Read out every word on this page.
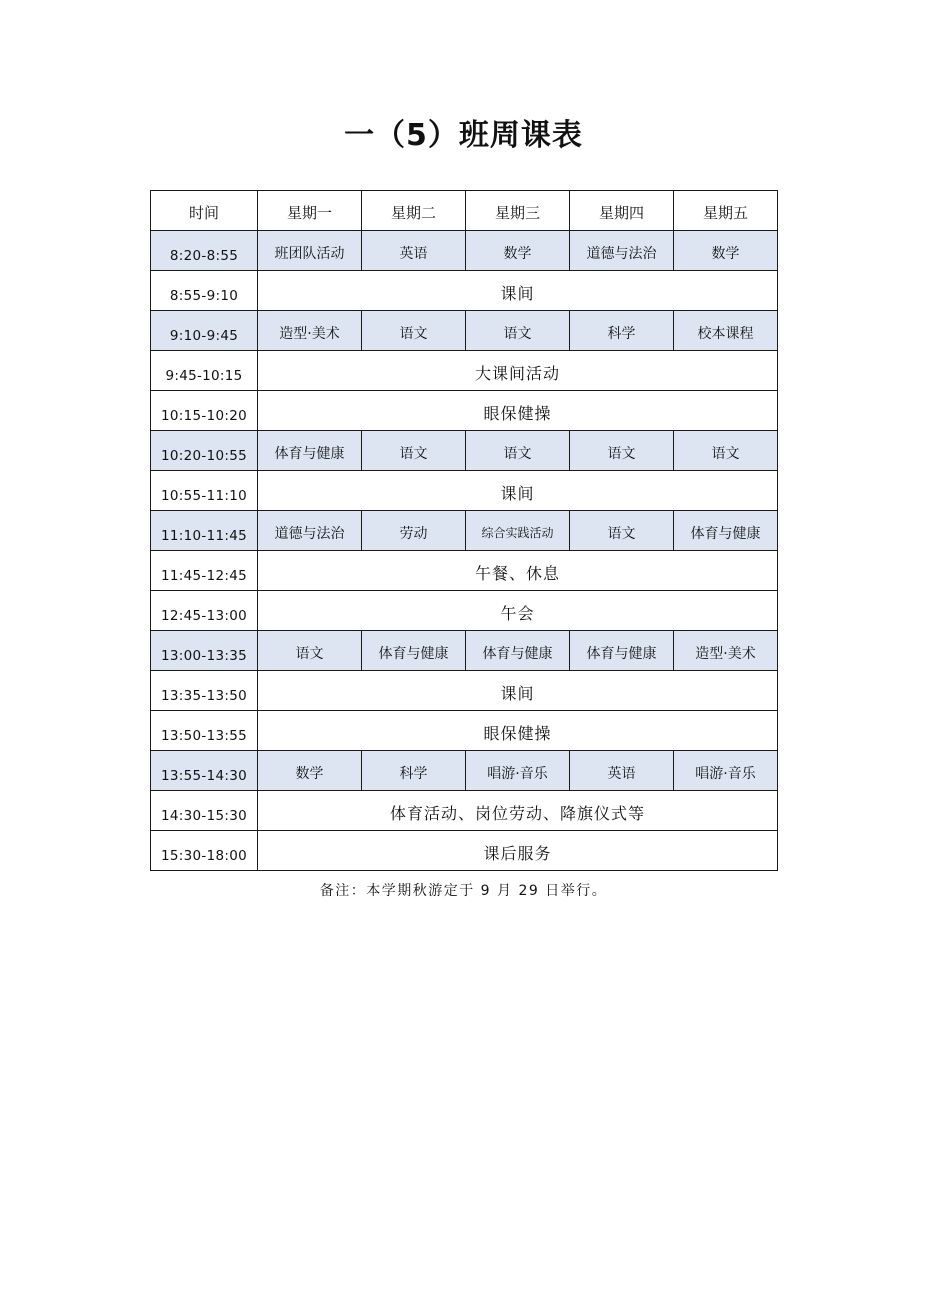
一（5）班周课表
时间	星期一	星期二	星期三	星期四	星期五
8:20-8:55	班团队活动	英语	数学	道德与法治	数学
8:55-9:10	课间				
9:10-9:45	造型·美术	语文	语文	科学	校本课程
9:45-10:15	大课间活动				
10:15-10:20	眼保健操				
10:20-10:55	体育与健康	语文	语文	语文	语文
10:55-11:10	课间				
11:10-11:45	道德与法治	劳动	综合实践活动	语文	体育与健康
11:45-12:45	午餐、休息				
12:45-13:00	午会				
13:00-13:35	语文	体育与健康	体育与健康	体育与健康	造型·美术
13:35-13:50	课间				
13:50-13:55	眼保健操				
13:55-14:30	数学	科学	唱游·音乐	英语	唱游·音乐
14:30-15:30	体育活动、岗位劳动、降旗仪式等				
15:30-18:00	课后服务				
备注：本学期秋游定于 9 月 29 日举行。
